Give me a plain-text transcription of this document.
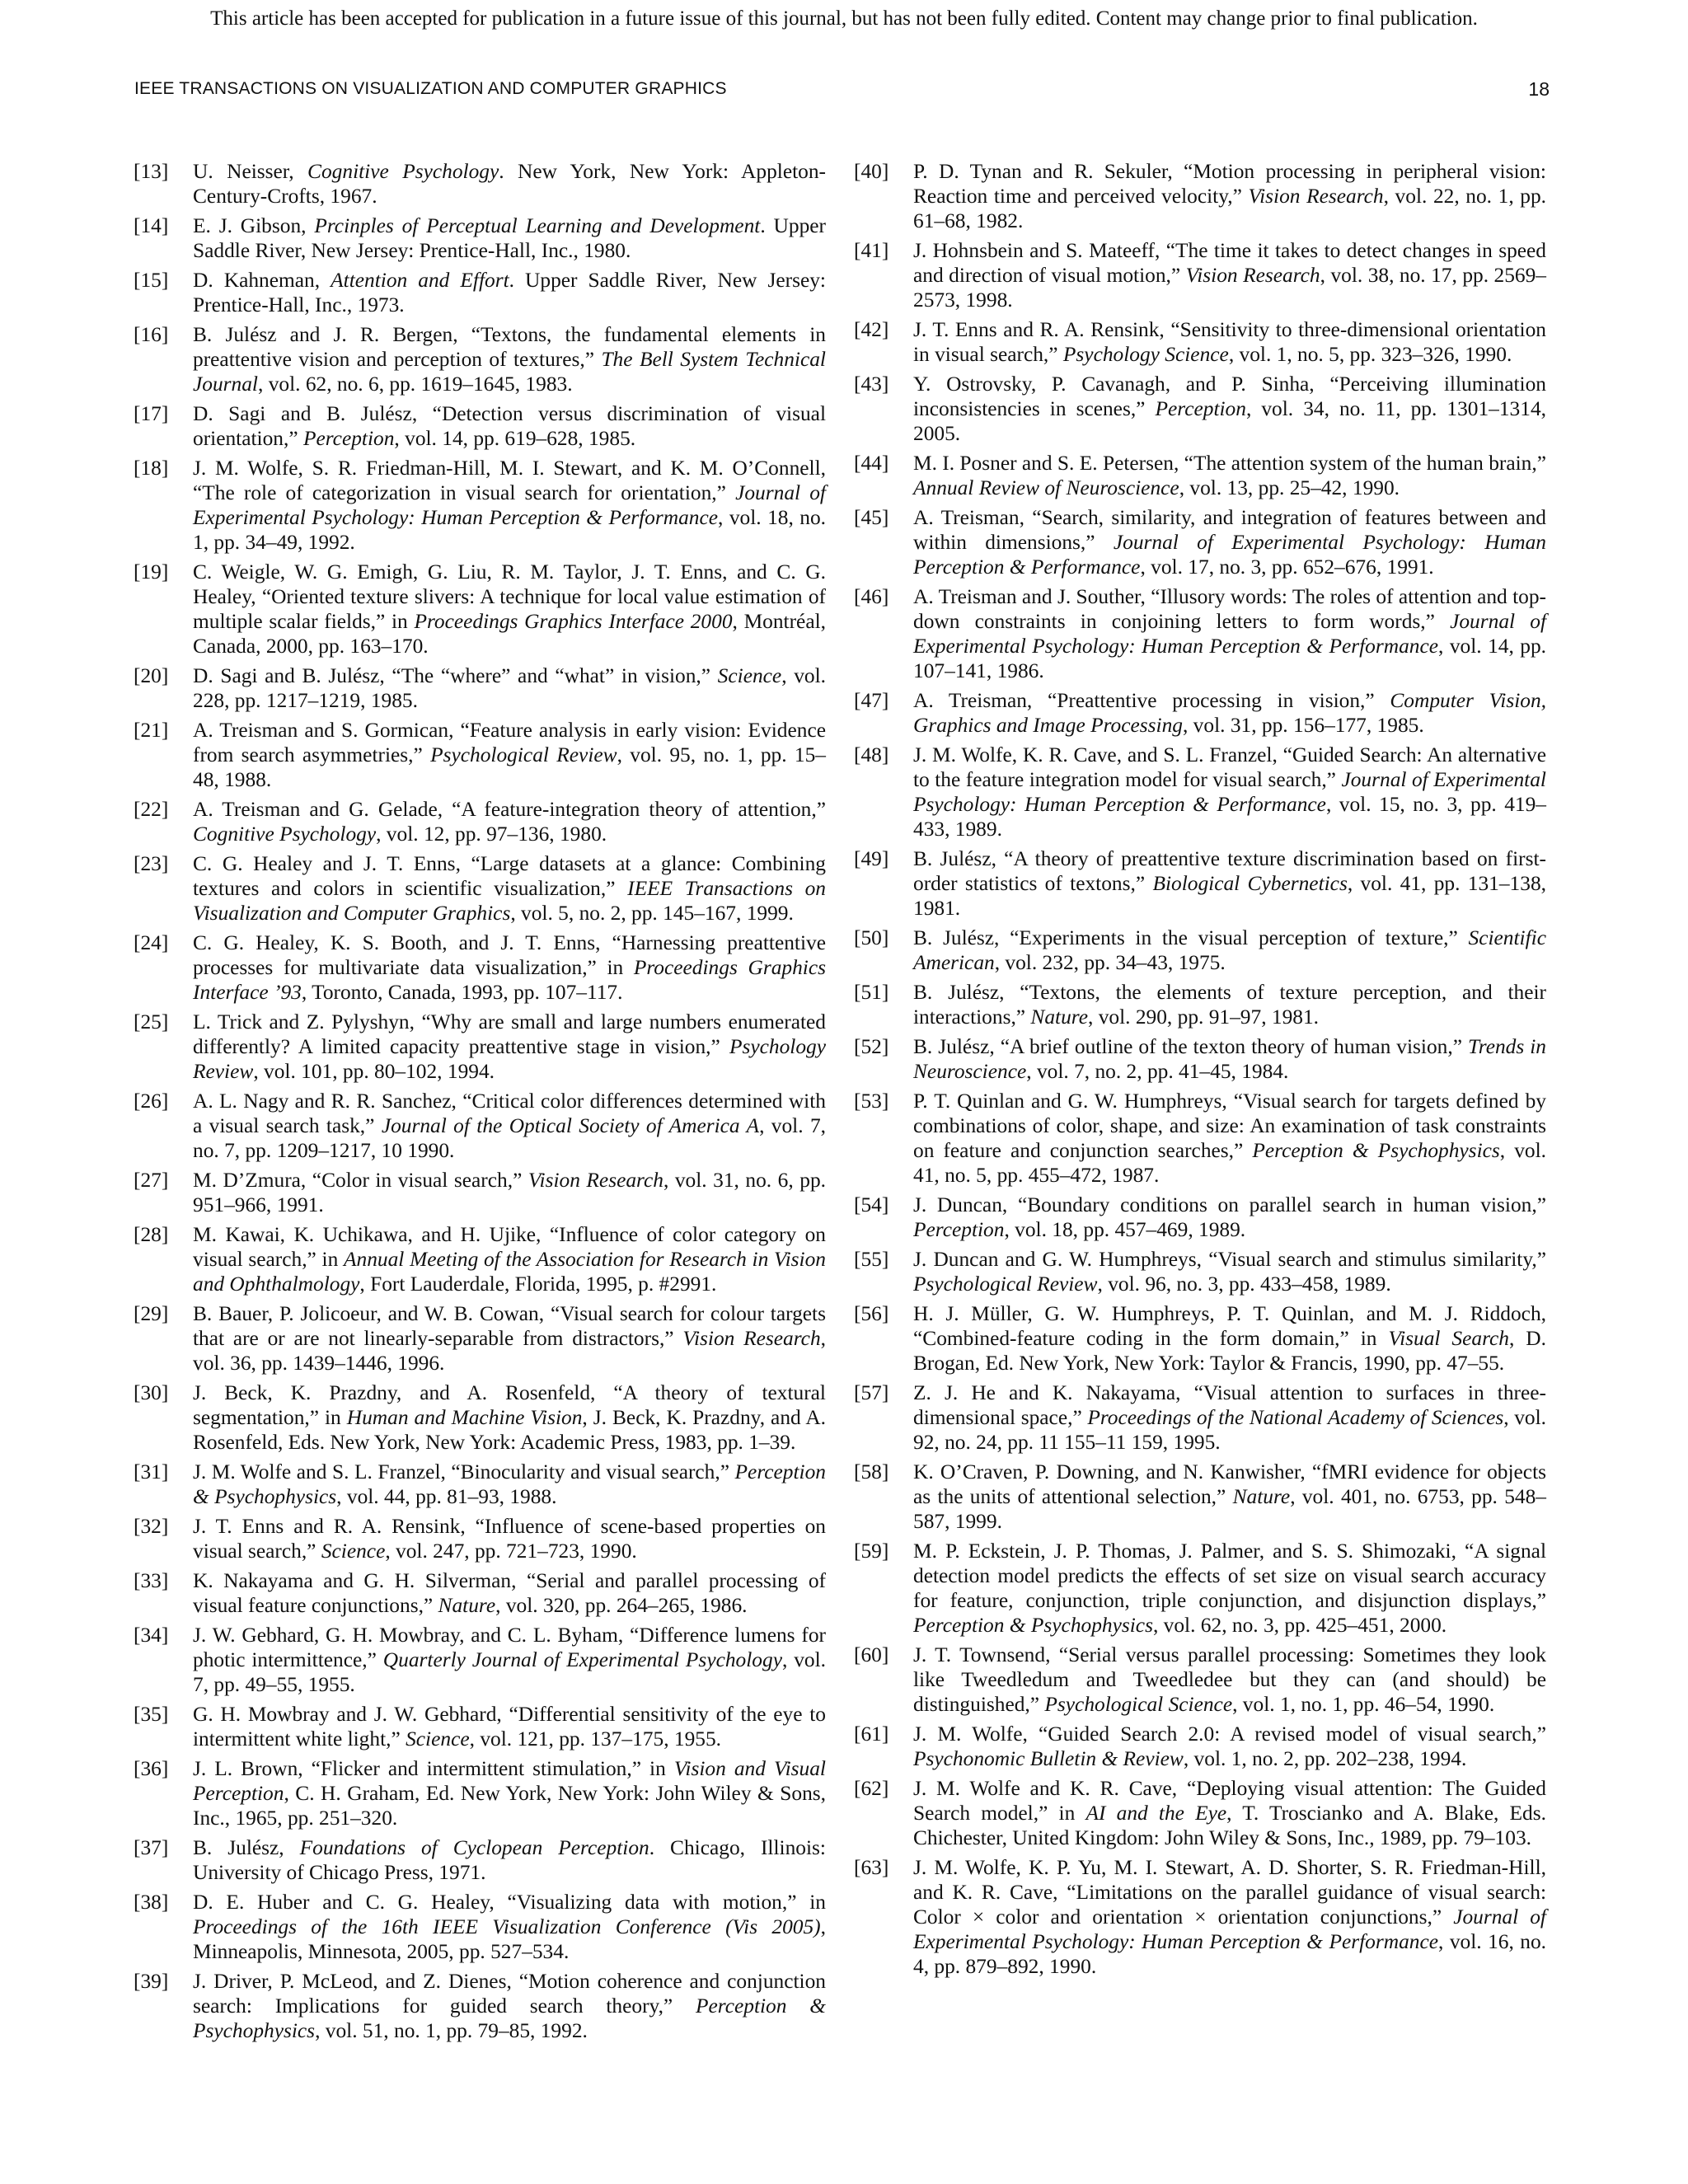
This article has been accepted for publication in a future issue of this journal, but has not been fully edited. Content may change prior to final publication.
IEEE TRANSACTIONS ON VISUALIZATION AND COMPUTER GRAPHICS	18
[13]	U. Neisser, Cognitive Psychology. New York, New York: Appleton-Century-Crofts, 1967.
[14]	E. J. Gibson, Prcinples of Perceptual Learning and Development. Upper Saddle River, New Jersey: Prentice-Hall, Inc., 1980.
[15]	D. Kahneman, Attention and Effort. Upper Saddle River, New Jersey: Prentice-Hall, Inc., 1973.
[16]	B. Julész and J. R. Bergen, “Textons, the fundamental elements in preattentive vision and perception of textures,” The Bell System Technical Journal, vol. 62, no. 6, pp. 1619–1645, 1983.
[17]	D. Sagi and B. Julész, “Detection versus discrimination of visual orientation,” Perception, vol. 14, pp. 619–628, 1985.
[18]	J. M. Wolfe, S. R. Friedman-Hill, M. I. Stewart, and K. M. O’Connell, “The role of categorization in visual search for orientation,” Journal of Experimental Psychology: Human Perception & Performance, vol. 18, no. 1, pp. 34–49, 1992.
[19]	C. Weigle, W. G. Emigh, G. Liu, R. M. Taylor, J. T. Enns, and C. G. Healey, “Oriented texture slivers: A technique for local value estimation of multiple scalar fields,” in Proceedings Graphics Interface 2000, Montréal, Canada, 2000, pp. 163–170.
[20]	D. Sagi and B. Julész, “The “where” and “what” in vision,” Science, vol. 228, pp. 1217–1219, 1985.
[21]	A. Treisman and S. Gormican, “Feature analysis in early vision: Evidence from search asymmetries,” Psychological Review, vol. 95, no. 1, pp. 15–48, 1988.
[22]	A. Treisman and G. Gelade, “A feature-integration theory of attention,” Cognitive Psychology, vol. 12, pp. 97–136, 1980.
[23]	C. G. Healey and J. T. Enns, “Large datasets at a glance: Combining textures and colors in scientific visualization,” IEEE Transactions on Visualization and Computer Graphics, vol. 5, no. 2, pp. 145–167, 1999.
[24]	C. G. Healey, K. S. Booth, and J. T. Enns, “Harnessing preattentive processes for multivariate data visualization,” in Proceedings Graphics Interface ’93, Toronto, Canada, 1993, pp. 107–117.
[25]	L. Trick and Z. Pylyshyn, “Why are small and large numbers enumerated differently? A limited capacity preattentive stage in vision,” Psychology Review, vol. 101, pp. 80–102, 1994.
[26]	A. L. Nagy and R. R. Sanchez, “Critical color differences determined with a visual search task,” Journal of the Optical Society of America A, vol. 7, no. 7, pp. 1209–1217, 10 1990.
[27]	M. D’Zmura, “Color in visual search,” Vision Research, vol. 31, no. 6, pp. 951–966, 1991.
[28]	M. Kawai, K. Uchikawa, and H. Ujike, “Influence of color category on visual search,” in Annual Meeting of the Association for Research in Vision and Ophthalmology, Fort Lauderdale, Florida, 1995, p. #2991.
[29]	B. Bauer, P. Jolicoeur, and W. B. Cowan, “Visual search for colour targets that are or are not linearly-separable from distractors,” Vision Research, vol. 36, pp. 1439–1446, 1996.
[30]	J. Beck, K. Prazdny, and A. Rosenfeld, “A theory of textural segmentation,” in Human and Machine Vision, J. Beck, K. Prazdny, and A. Rosenfeld, Eds. New York, New York: Academic Press, 1983, pp. 1–39.
[31]	J. M. Wolfe and S. L. Franzel, “Binocularity and visual search,” Perception & Psychophysics, vol. 44, pp. 81–93, 1988.
[32]	J. T. Enns and R. A. Rensink, “Influence of scene-based properties on visual search,” Science, vol. 247, pp. 721–723, 1990.
[33]	K. Nakayama and G. H. Silverman, “Serial and parallel processing of visual feature conjunctions,” Nature, vol. 320, pp. 264–265, 1986.
[34]	J. W. Gebhard, G. H. Mowbray, and C. L. Byham, “Difference lumens for photic intermittence,” Quarterly Journal of Experimental Psychology, vol. 7, pp. 49–55, 1955.
[35]	G. H. Mowbray and J. W. Gebhard, “Differential sensitivity of the eye to intermittent white light,” Science, vol. 121, pp. 137–175, 1955.
[36]	J. L. Brown, “Flicker and intermittent stimulation,” in Vision and Visual Perception, C. H. Graham, Ed. New York, New York: John Wiley & Sons, Inc., 1965, pp. 251–320.
[37]	B. Julész, Foundations of Cyclopean Perception. Chicago, Illinois: University of Chicago Press, 1971.
[38]	D. E. Huber and C. G. Healey, “Visualizing data with motion,” in Proceedings of the 16th IEEE Visualization Conference (Vis 2005), Minneapolis, Minnesota, 2005, pp. 527–534.
[39]	J. Driver, P. McLeod, and Z. Dienes, “Motion coherence and conjunction search: Implications for guided search theory,” Perception & Psychophysics, vol. 51, no. 1, pp. 79–85, 1992.
[40]	P. D. Tynan and R. Sekuler, “Motion processing in peripheral vision: Reaction time and perceived velocity,” Vision Research, vol. 22, no. 1, pp. 61–68, 1982.
[41]	J. Hohnsbein and S. Mateeff, “The time it takes to detect changes in speed and direction of visual motion,” Vision Research, vol. 38, no. 17, pp. 2569–2573, 1998.
[42]	J. T. Enns and R. A. Rensink, “Sensitivity to three-dimensional orientation in visual search,” Psychology Science, vol. 1, no. 5, pp. 323–326, 1990.
[43]	Y. Ostrovsky, P. Cavanagh, and P. Sinha, “Perceiving illumination inconsistencies in scenes,” Perception, vol. 34, no. 11, pp. 1301–1314, 2005.
[44]	M. I. Posner and S. E. Petersen, “The attention system of the human brain,” Annual Review of Neuroscience, vol. 13, pp. 25–42, 1990.
[45]	A. Treisman, “Search, similarity, and integration of features between and within dimensions,” Journal of Experimental Psychology: Human Perception & Performance, vol. 17, no. 3, pp. 652–676, 1991.
[46]	A. Treisman and J. Souther, “Illusory words: The roles of attention and top-down constraints in conjoining letters to form words,” Journal of Experimental Psychology: Human Perception & Performance, vol. 14, pp. 107–141, 1986.
[47]	A. Treisman, “Preattentive processing in vision,” Computer Vision, Graphics and Image Processing, vol. 31, pp. 156–177, 1985.
[48]	J. M. Wolfe, K. R. Cave, and S. L. Franzel, “Guided Search: An alternative to the feature integration model for visual search,” Journal of Experimental Psychology: Human Perception & Performance, vol. 15, no. 3, pp. 419–433, 1989.
[49]	B. Julész, “A theory of preattentive texture discrimination based on first-order statistics of textons,” Biological Cybernetics, vol. 41, pp. 131–138, 1981.
[50]	B. Julész, “Experiments in the visual perception of texture,” Scientific American, vol. 232, pp. 34–43, 1975.
[51]	B. Julész, “Textons, the elements of texture perception, and their interactions,” Nature, vol. 290, pp. 91–97, 1981.
[52]	B. Julész, “A brief outline of the texton theory of human vision,” Trends in Neuroscience, vol. 7, no. 2, pp. 41–45, 1984.
[53]	P. T. Quinlan and G. W. Humphreys, “Visual search for targets defined by combinations of color, shape, and size: An examination of task constraints on feature and conjunction searches,” Perception & Psychophysics, vol. 41, no. 5, pp. 455–472, 1987.
[54]	J. Duncan, “Boundary conditions on parallel search in human vision,” Perception, vol. 18, pp. 457–469, 1989.
[55]	J. Duncan and G. W. Humphreys, “Visual search and stimulus similarity,” Psychological Review, vol. 96, no. 3, pp. 433–458, 1989.
[56]	H. J. Müller, G. W. Humphreys, P. T. Quinlan, and M. J. Riddoch, “Combined-feature coding in the form domain,” in Visual Search, D. Brogan, Ed. New York, New York: Taylor & Francis, 1990, pp. 47–55.
[57]	Z. J. He and K. Nakayama, “Visual attention to surfaces in three-dimensional space,” Proceedings of the National Academy of Sciences, vol. 92, no. 24, pp. 11 155–11 159, 1995.
[58]	K. O’Craven, P. Downing, and N. Kanwisher, “fMRI evidence for objects as the units of attentional selection,” Nature, vol. 401, no. 6753, pp. 548–587, 1999.
[59]	M. P. Eckstein, J. P. Thomas, J. Palmer, and S. S. Shimozaki, “A signal detection model predicts the effects of set size on visual search accuracy for feature, conjunction, triple conjunction, and disjunction displays,” Perception & Psychophysics, vol. 62, no. 3, pp. 425–451, 2000.
[60]	J. T. Townsend, “Serial versus parallel processing: Sometimes they look like Tweedledum and Tweedledee but they can (and should) be distinguished,” Psychological Science, vol. 1, no. 1, pp. 46–54, 1990.
[61]	J. M. Wolfe, “Guided Search 2.0: A revised model of visual search,” Psychonomic Bulletin & Review, vol. 1, no. 2, pp. 202–238, 1994.
[62]	J. M. Wolfe and K. R. Cave, “Deploying visual attention: The Guided Search model,” in AI and the Eye, T. Troscianko and A. Blake, Eds. Chichester, United Kingdom: John Wiley & Sons, Inc., 1989, pp. 79–103.
[63]	J. M. Wolfe, K. P. Yu, M. I. Stewart, A. D. Shorter, S. R. Friedman-Hill, and K. R. Cave, “Limitations on the parallel guidance of visual search: Color × color and orientation × orientation conjunctions,” Journal of Experimental Psychology: Human Perception & Performance, vol. 16, no. 4, pp. 879–892, 1990.
